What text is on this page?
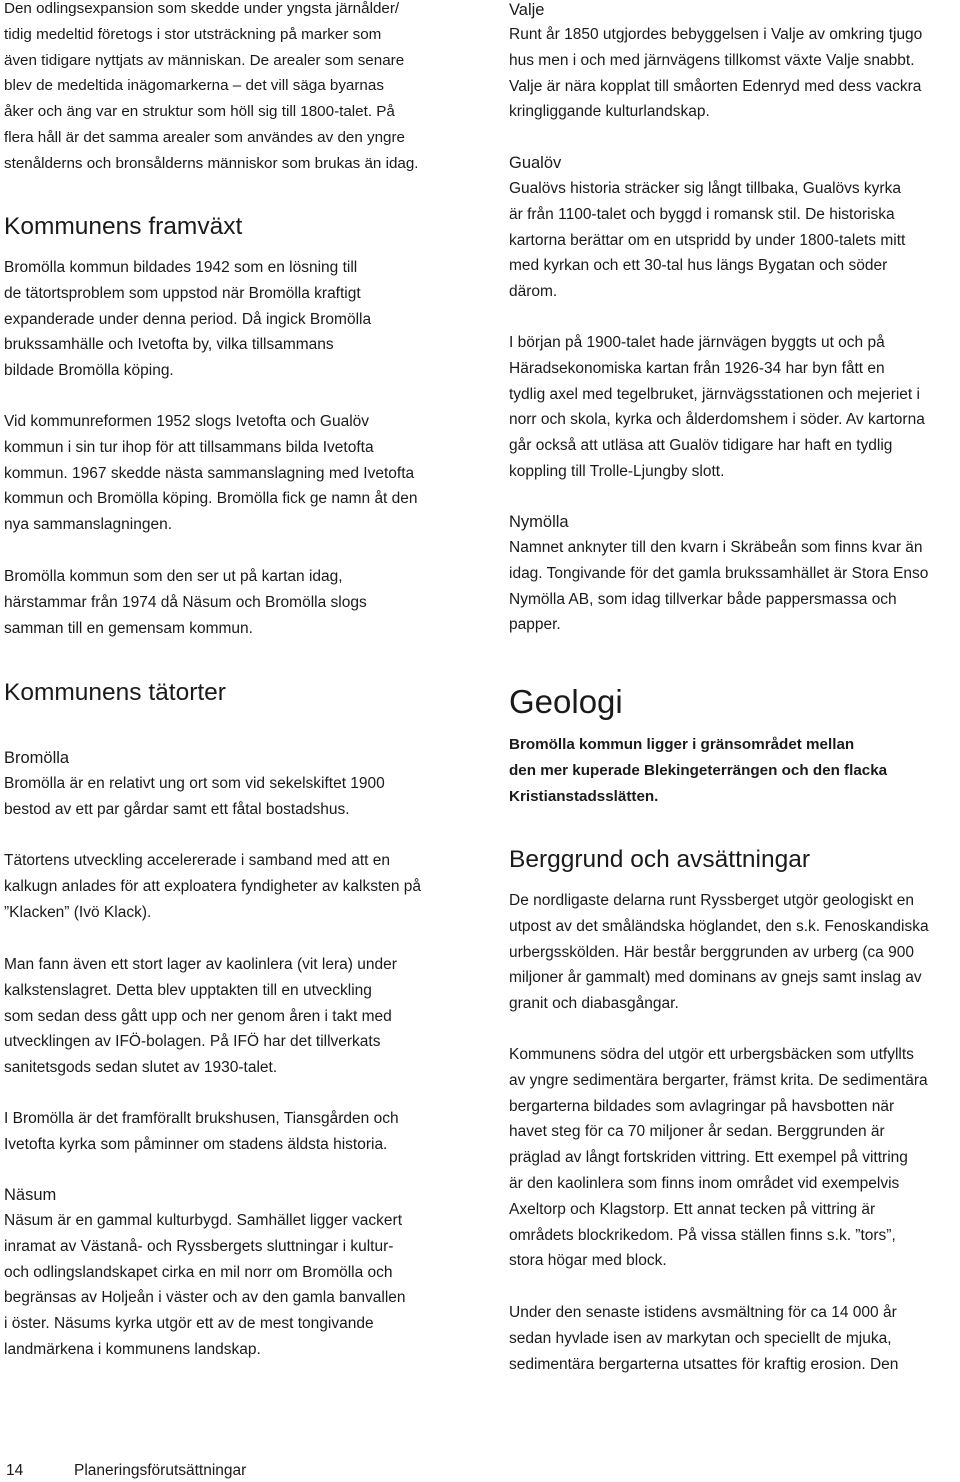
Den odlingsexpansion som skedde under yngsta järnålder/
tidig medeltid företogs i stor utsträckning på marker som
även tidigare nyttjats av människan. De arealer som senare
blev de medeltida inägomarkerna – det vill säga byarnas
åker och äng var en struktur som höll sig till 1800-talet. På
flera håll är det samma arealer som användes av den yngre
stenålderns och bronsålderns människor som brukas än idag.

Kommunens framväxt

Bromölla kommun bildades 1942 som en lösning till
de tätortsproblem som uppstod när Bromölla kraftigt
expanderade under denna period. Då ingick Bromölla
brukssamhälle och Ivetofta by, vilka tillsammans
bildade Bromölla köping.

Vid kommunreformen 1952 slogs Ivetofta och Gualöv
kommun i sin tur ihop för att tillsammans bilda Ivetofta
kommun. 1967 skedde nästa sammanslagning med Ivetofta
kommun och Bromölla köping. Bromölla fick ge namn åt den
nya sammanslagningen.

Bromölla kommun som den ser ut på kartan idag,
härstammar från 1974 då Näsum och Bromölla slogs
samman till en gemensam kommun.

Kommunens tätorter
Bromölla

Bromölla är en relativt ung ort som vid sekelskiftet 1900
bestod av ett par gårdar samt ett fåtal bostadshus.

Tätortens utveckling accelererade i samband med att en
kalkugn anlades för att exploatera fyndigheter av kalksten på
”Klacken” (Ivö Klack).

Man fann även ett stort lager av kaolinlera (vit lera) under
kalkstenslagret. Detta blev upptakten till en utveckling
som sedan dess gått upp och ner genom åren i takt med
utvecklingen av IFÖ-bolagen. På IFÖ har det tillverkats
sanitetsgods sedan slutet av 1930-talet.

I Bromölla är det framförallt brukshusen, Tiansgården och
Ivetofta kyrka som påminner om stadens äldsta historia.

Näsum

Näsum är en gammal kulturbygd. Samhället ligger vackert
inramat av Västanå- och Ryssbergets sluttningar i kultur-
och odlingslandskapet cirka en mil norr om Bromölla och
begränsas av Holjeån i väster och av den gamla banvallen
i öster. Näsums kyrka utgör ett av de mest tongivande
landmärkena i kommunens landskap.

Valje

Runt år 1850 utgjordes bebyggelsen i Valje av omkring tjugo
hus men i och med järnvägens tillkomst växte Valje snabbt.
Valje är nära kopplat till småorten Edenryd med dess vackra
kringliggande kulturlandskap.

Gualöv

Gualövs historia sträcker sig långt tillbaka, Gualövs kyrka
är från 1100-talet och byggd i romansk stil. De historiska
kartorna berättar om en utspridd by under 1800-talets mitt
med kyrkan och ett 30-tal hus längs Bygatan och söder
därom.

I början på 1900-talet hade järnvägen byggts ut och på
Häradsekonomiska kartan från 1926-34 har byn fått en
tydlig axel med tegelbruket, järnvägsstationen och mejeriet i
norr och skola, kyrka och ålderdomshem i söder. Av kartorna
går också att utläsa att Gualöv tidigare har haft en tydlig
koppling till Trolle-Ljungby slott.

Nymölla

Namnet anknyter till den kvarn i Skräbeån som finns kvar än
idag. Tongivande för det gamla brukssamhället är Stora Enso
Nymölla AB, som idag tillverkar både pappersmassa och
papper.

Geologi

Bromölla kommun ligger i gränsområdet mellan
den mer kuperade Blekingeterrängen och den flacka
Kristianstadsslätten.

Berggrund och avsättningar

De nordligaste delarna runt Ryssberget utgör geologiskt en
utpost av det småländska höglandet, den s.k. Fenoskandiska
urbergsskölden. Här består berggrunden av urberg (ca 900
miljoner år gammalt) med dominans av gnejs samt inslag av
granit och diabasgångar.

Kommunens södra del utgör ett urbergsbäcken som utfyllts
av yngre sedimentära bergarter, främst krita. De sedimentära
bergarterna bildades som avlagringar på havsbotten när
havet steg för ca 70 miljoner år sedan. Berggrunden är
präglad av långt fortskriden vittring. Ett exempel på vittring
är den kaolinlera som finns inom området vid exempelvis
Axeltorp och Klagstorp. Ett annat tecken på vittring är
områdets blockrikedom. På vissa ställen finns s.k. ”tors”,
stora högar med block.

Under den senaste istidens avsmältning för ca 14 000 år
sedan hyvlade isen av markytan och speciellt de mjuka,
sedimentära bergarterna utsattes för kraftig erosion. Den

14	Planeringsförutsättningar
